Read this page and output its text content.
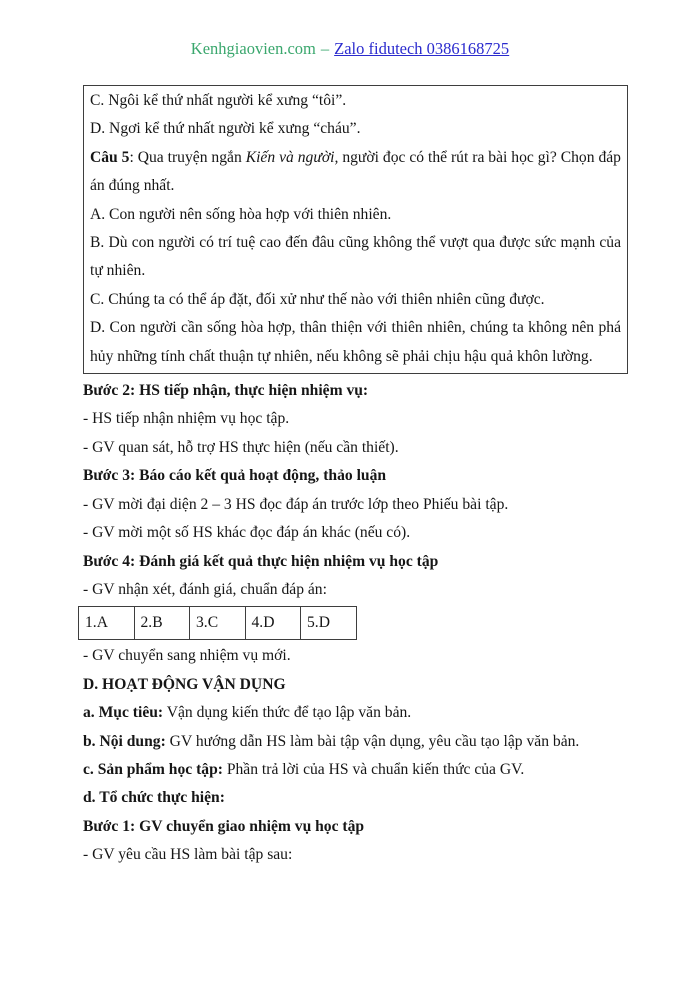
Kenhgiaovien.com – Zalo fidutech 0386168725

C. Ngôi kể thứ nhất người kể xưng “tôi”.

D. Ngơi kể thứ nhất người kể xưng “cháu”.

Câu 5: Qua truyện ngắn Kiến và người, người đọc có thể rút ra bài học gì? Chọn đáp án đúng nhất.

A. Con người nên sống hòa hợp với thiên nhiên.

B. Dù con người có trí tuệ cao đến đâu cũng không thể vượt qua được sức mạnh của tự nhiên.

C. Chúng ta có thể áp đặt, đối xử như thế nào với thiên nhiên cũng được.

D. Con người cần sống hòa hợp, thân thiện với thiên nhiên, chúng ta không nên phá hủy những tính chất thuận tự nhiên, nếu không sẽ phải chịu hậu quả khôn lường.

Bước 2: HS tiếp nhận, thực hiện nhiệm vụ:

- HS tiếp nhận nhiệm vụ học tập.

- GV quan sát, hỗ trợ HS thực hiện (nếu cần thiết).

Bước 3: Báo cáo kết quả hoạt động, thảo luận

- GV mời đại diện 2 – 3 HS đọc đáp án trước lớp theo Phiếu bài tập.

- GV mời một số HS khác đọc đáp án khác (nếu có).

Bước 4: Đánh giá kết quả thực hiện nhiệm vụ học tập

- GV nhận xét, đánh giá, chuẩn đáp án:

1.A	2.B	3.C	4.D	5.D

- GV chuyển sang nhiệm vụ mới.

D. HOẠT ĐỘNG VẬN DỤNG

a. Mục tiêu: Vận dụng kiến thức để tạo lập văn bản.

b. Nội dung: GV hướng dẫn HS làm bài tập vận dụng, yêu cầu tạo lập văn bản.

c. Sản phẩm học tập: Phần trả lời của HS và chuẩn kiến thức của GV.

d. Tổ chức thực hiện:

Bước 1: GV chuyển giao nhiệm vụ học tập

- GV yêu cầu HS làm bài tập sau:
